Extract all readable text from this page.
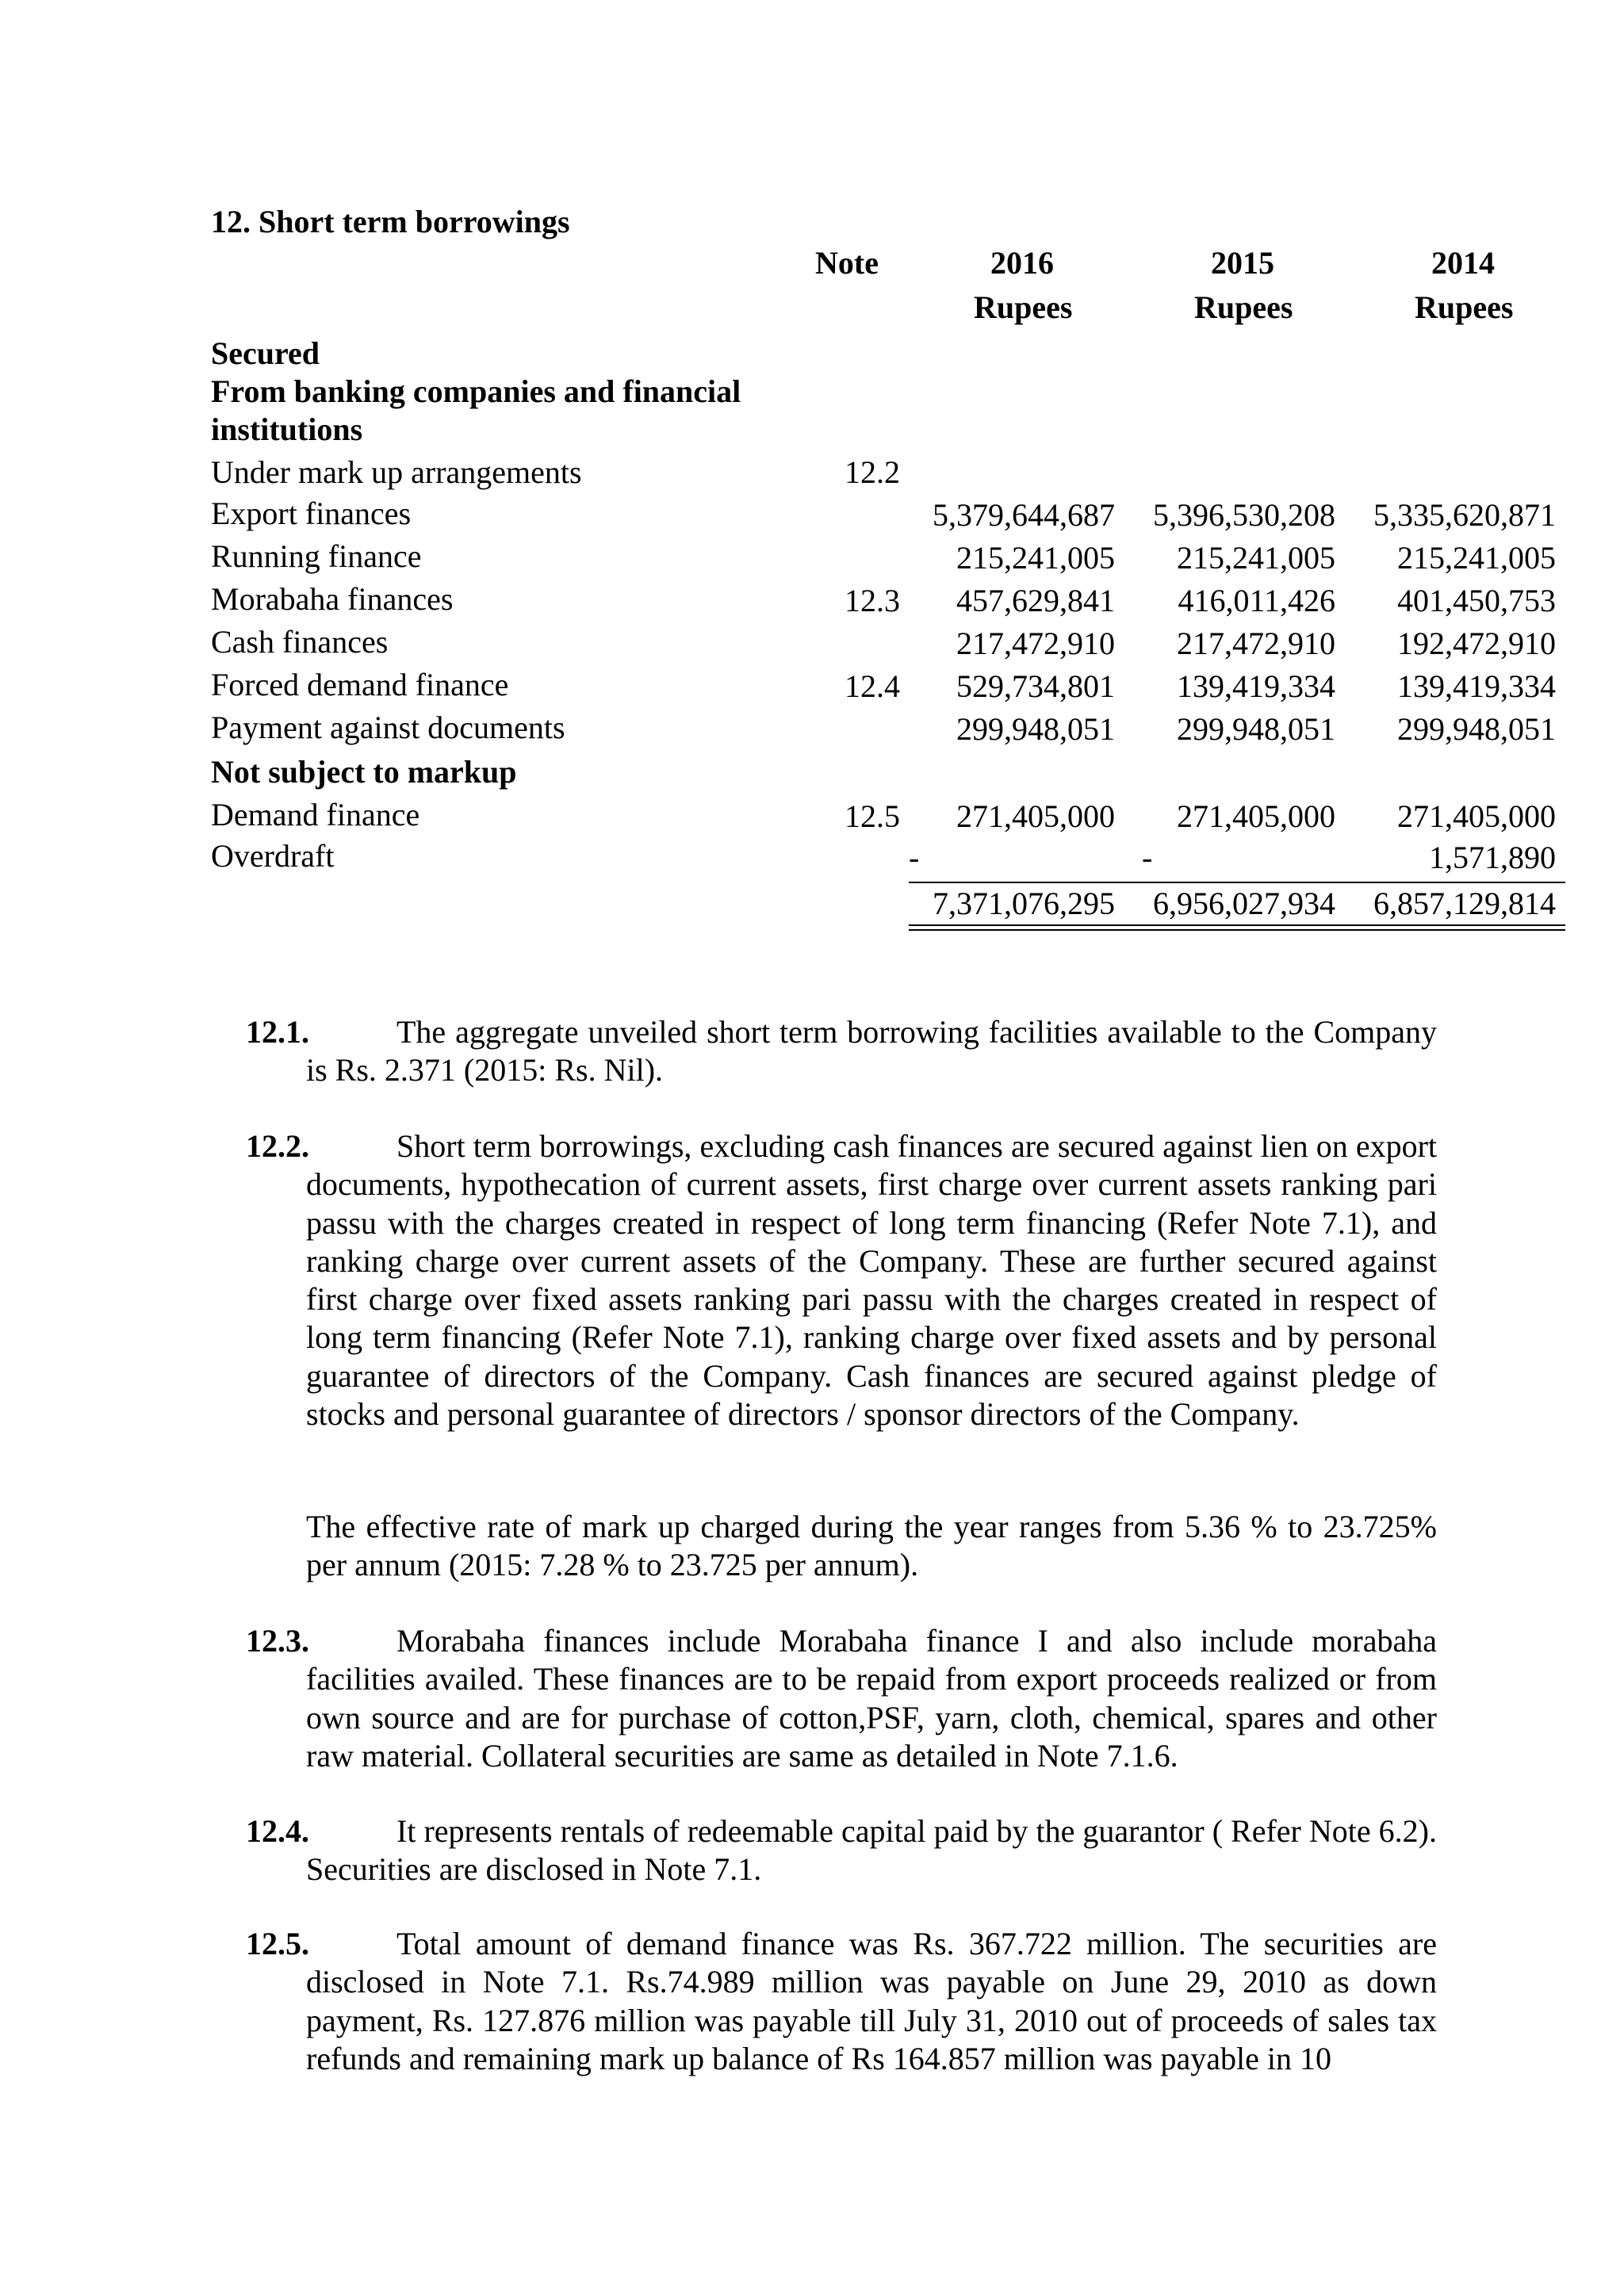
12. Short term borrowings
Note	2016	2015	2014
Rupees	Rupees	Rupees
Secured
From banking companies and financial
institutions
Under mark up arrangements	12.2
Export finances	5,379,644,687	5,396,530,208	5,335,620,871
Running finance	215,241,005	215,241,005	215,241,005
Morabaha finances	12.3	457,629,841	416,011,426	401,450,753
Cash finances	217,472,910	217,472,910	192,472,910
Forced demand finance	12.4	529,734,801	139,419,334	139,419,334
Payment against documents	299,948,051	299,948,051	299,948,051
Not subject to markup
Demand finance	12.5	271,405,000	271,405,000	271,405,000
Overdraft	-	-	1,571,890
7,371,076,295	6,956,027,934	6,857,129,814
12.1.	The aggregate unveiled short term borrowing facilities available to the Company is Rs. 2.371 (2015: Rs. Nil).
12.2.	Short term borrowings, excluding cash finances are secured against lien on export documents, hypothecation of current assets, first charge over current assets ranking pari passu with the charges created in respect of long term financing (Refer Note 7.1), and ranking charge over current assets of the Company. These are further secured against first charge over fixed assets ranking pari passu with the charges created in respect of long term financing (Refer Note 7.1), ranking charge over fixed assets and by personal guarantee of directors of the Company. Cash finances are secured against pledge of stocks and personal guarantee of directors / sponsor directors of the Company.
The effective rate of mark up charged during the year ranges from 5.36 % to 23.725% per annum (2015: 7.28 % to 23.725 per annum).
12.3.	Morabaha finances include Morabaha finance I and also include morabaha facilities availed. These finances are to be repaid from export proceeds realized or from own source and are for purchase of cotton,PSF, yarn, cloth, chemical, spares and other raw material. Collateral securities are same as detailed in Note 7.1.6.
12.4.	It represents rentals of redeemable capital paid by the guarantor ( Refer Note 6.2). Securities are disclosed in Note 7.1.
12.5.	Total amount of demand finance was Rs. 367.722 million. The securities are disclosed in Note 7.1. Rs.74.989 million was payable on June 29, 2010 as down payment, Rs. 127.876 million was payable till July 31, 2010 out of proceeds of sales tax refunds and remaining mark up balance of Rs 164.857 million was payable in 10
